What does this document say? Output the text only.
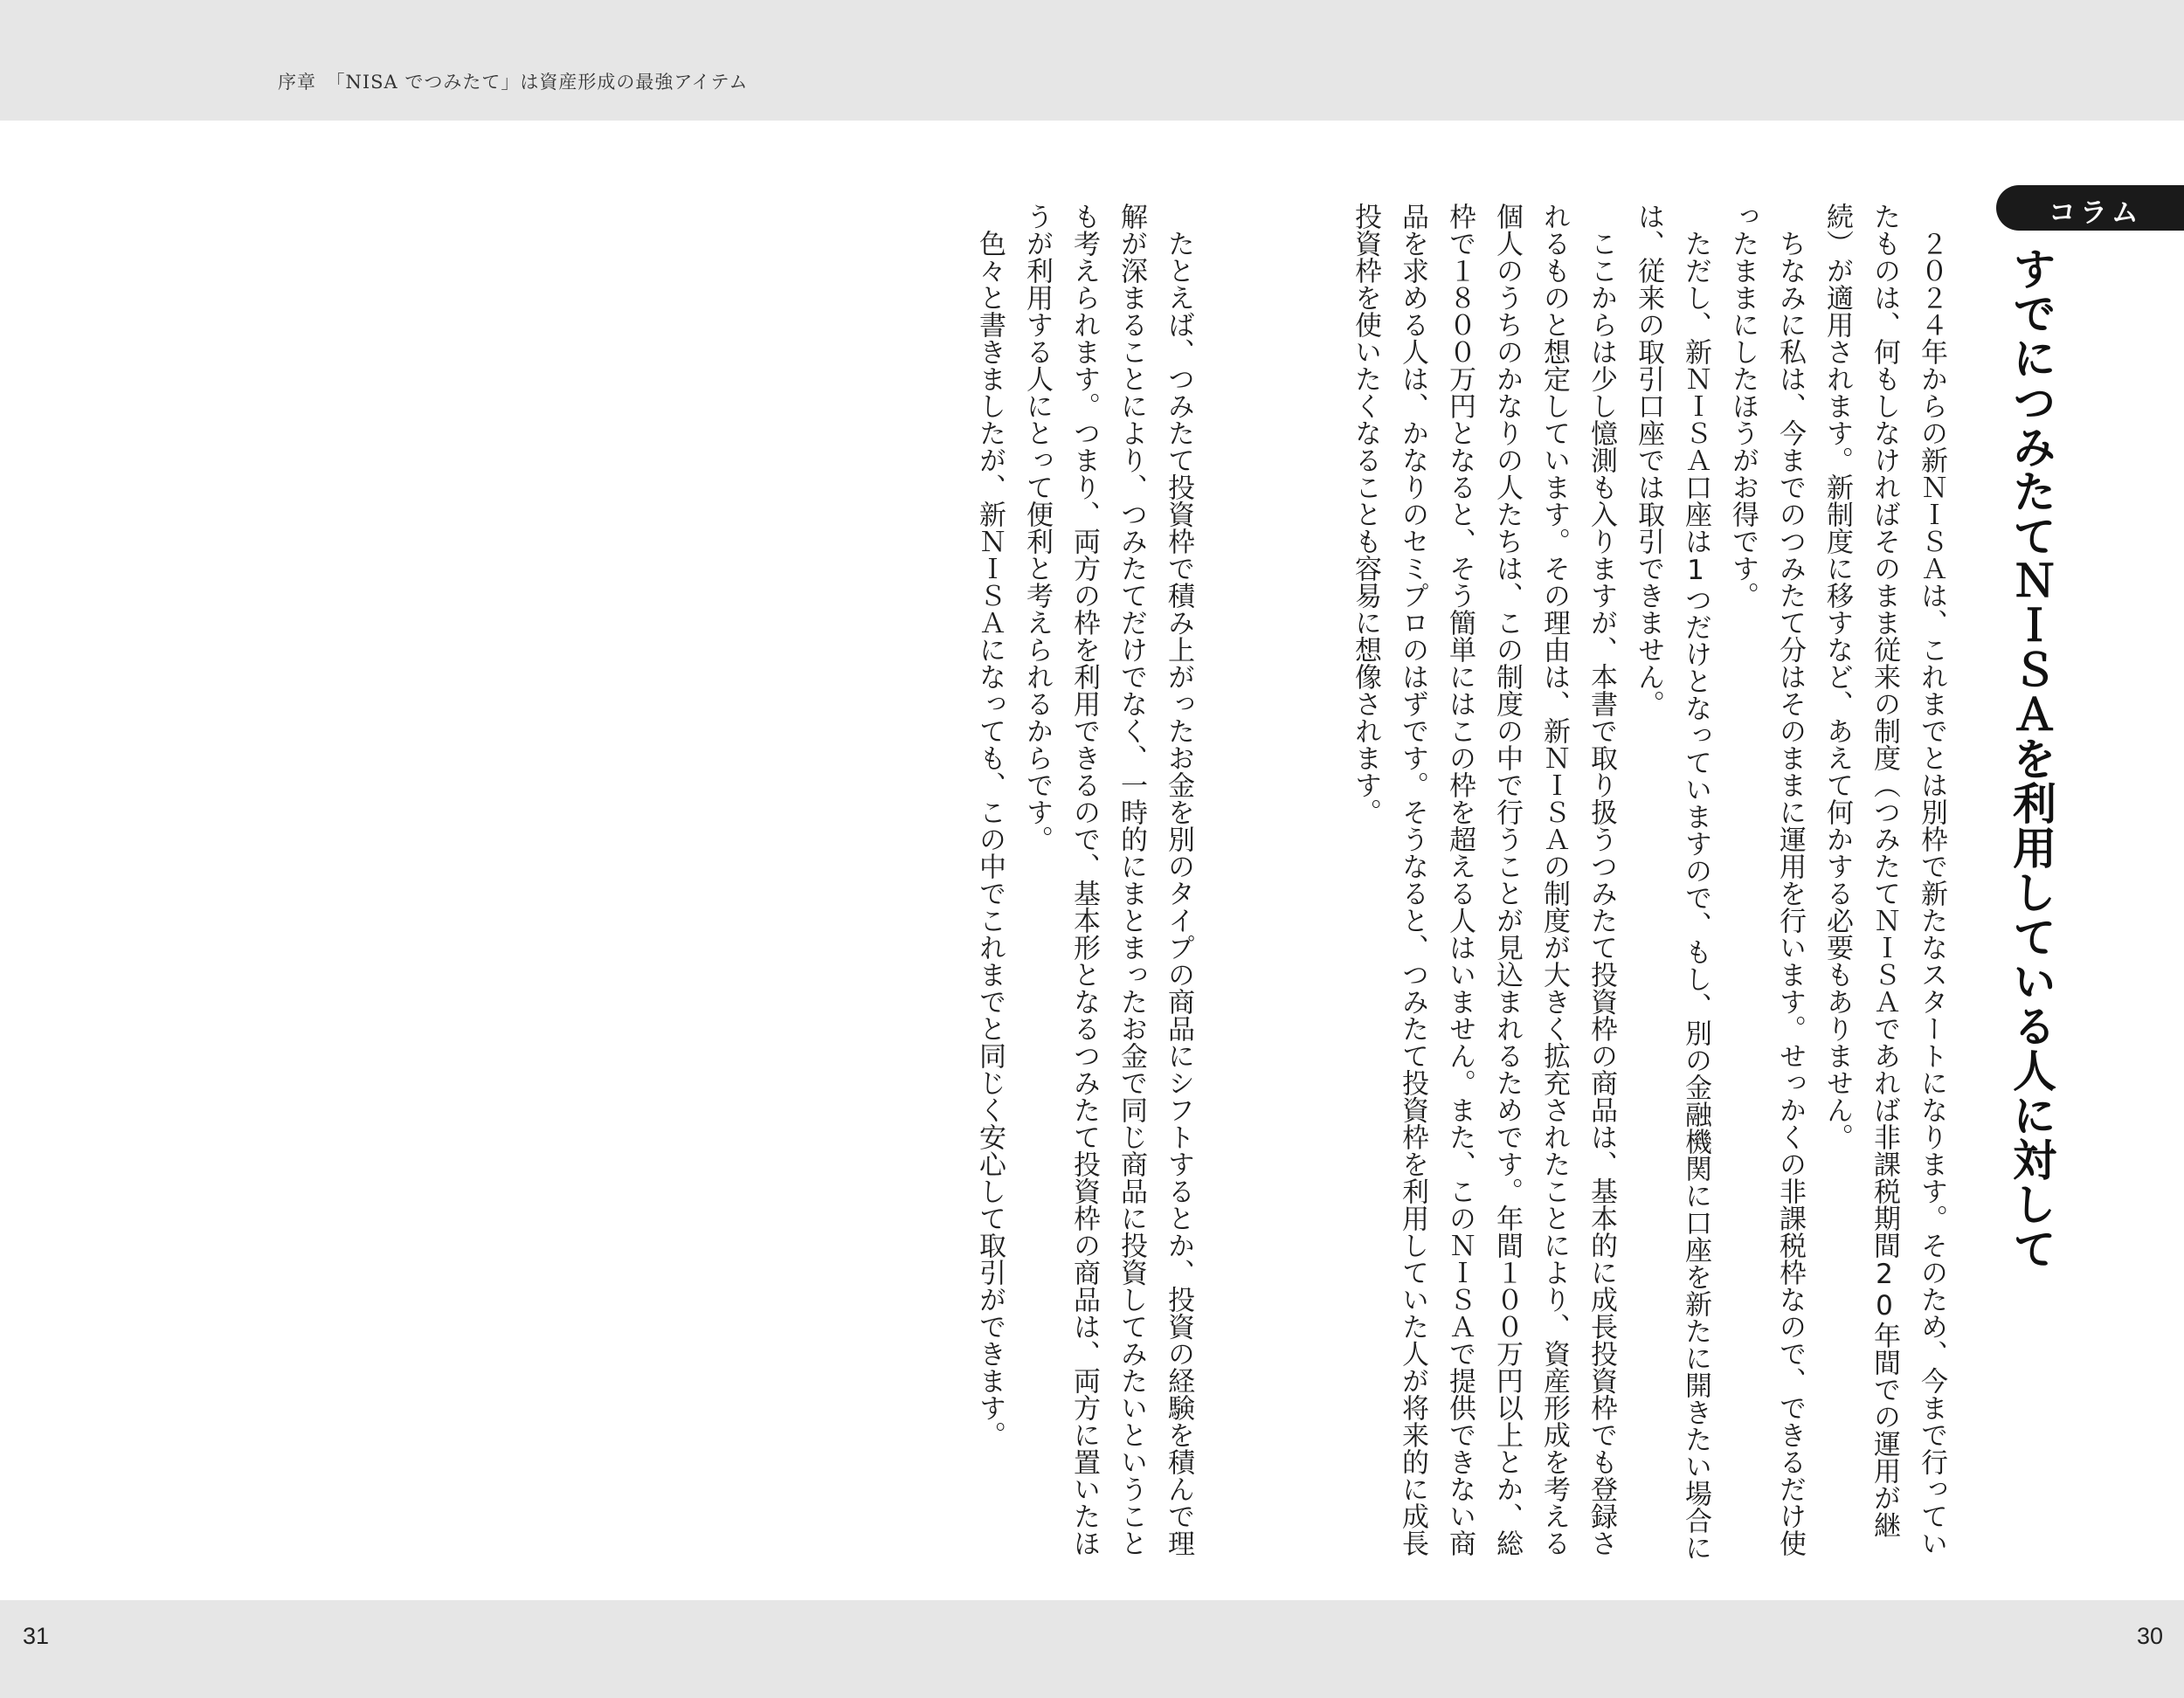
序章　「NISA でつみたて」は資産形成の最強アイテム
コラム
すでにつみたてＮＩＳＡを利用している人に対して

２０２４年からの新ＮＩＳＡは、これまでとは別枠で新たなスタートになります。そのため、今まで行っていたものは、何もしなければそのまま従来の制度（つみたてＮＩＳＡであれば非課税期間20年間での運用が継続）が適用されます。新制度に移すなど、あえて何かする必要もありません。

ちなみに私は、今までのつみたて分はそのままに運用を行います。せっかくの非課税枠なので、できるだけ使ったままにしたほうがお得です。

ただし、新ＮＩＳＡ口座は1つだけとなっていますので、もし、別の金融機関に口座を新たに開きたい場合には、従来の取引口座では取引できません。

ここからは少し憶測も入りますが、本書で取り扱うつみたて投資枠の商品は、基本的に成長投資枠でも登録されるものと想定しています。その理由は、新ＮＩＳＡの制度が大きく拡充されたことにより、資産形成を考える個人のうちのかなりの人たちは、この制度の中で行うことが見込まれるためです。年間１００万円以上とか、総枠で１８００万円となると、そう簡単にはこの枠を超える人はいません。また、このＮＩＳＡで提供できない商品を求める人は、かなりのセミプロのはずです。そうなると、つみたて投資枠を利用していた人が将来的に成長投資枠を使いたくなることも容易に想像されます。

たとえば、つみたて投資枠で積み上がったお金を別のタイプの商品にシフトするとか、投資の経験を積んで理解が深まることにより、つみたてだけでなく、一時的にまとまったお金で同じ商品に投資してみたいということも考えられます。つまり、両方の枠を利用できるので、基本形となるつみたて投資枠の商品は、両方に置いたほうが利用する人にとって便利と考えられるからです。

色々と書きましたが、新ＮＩＳＡになっても、この中でこれまでと同じく安心して取引ができます。

31	30
